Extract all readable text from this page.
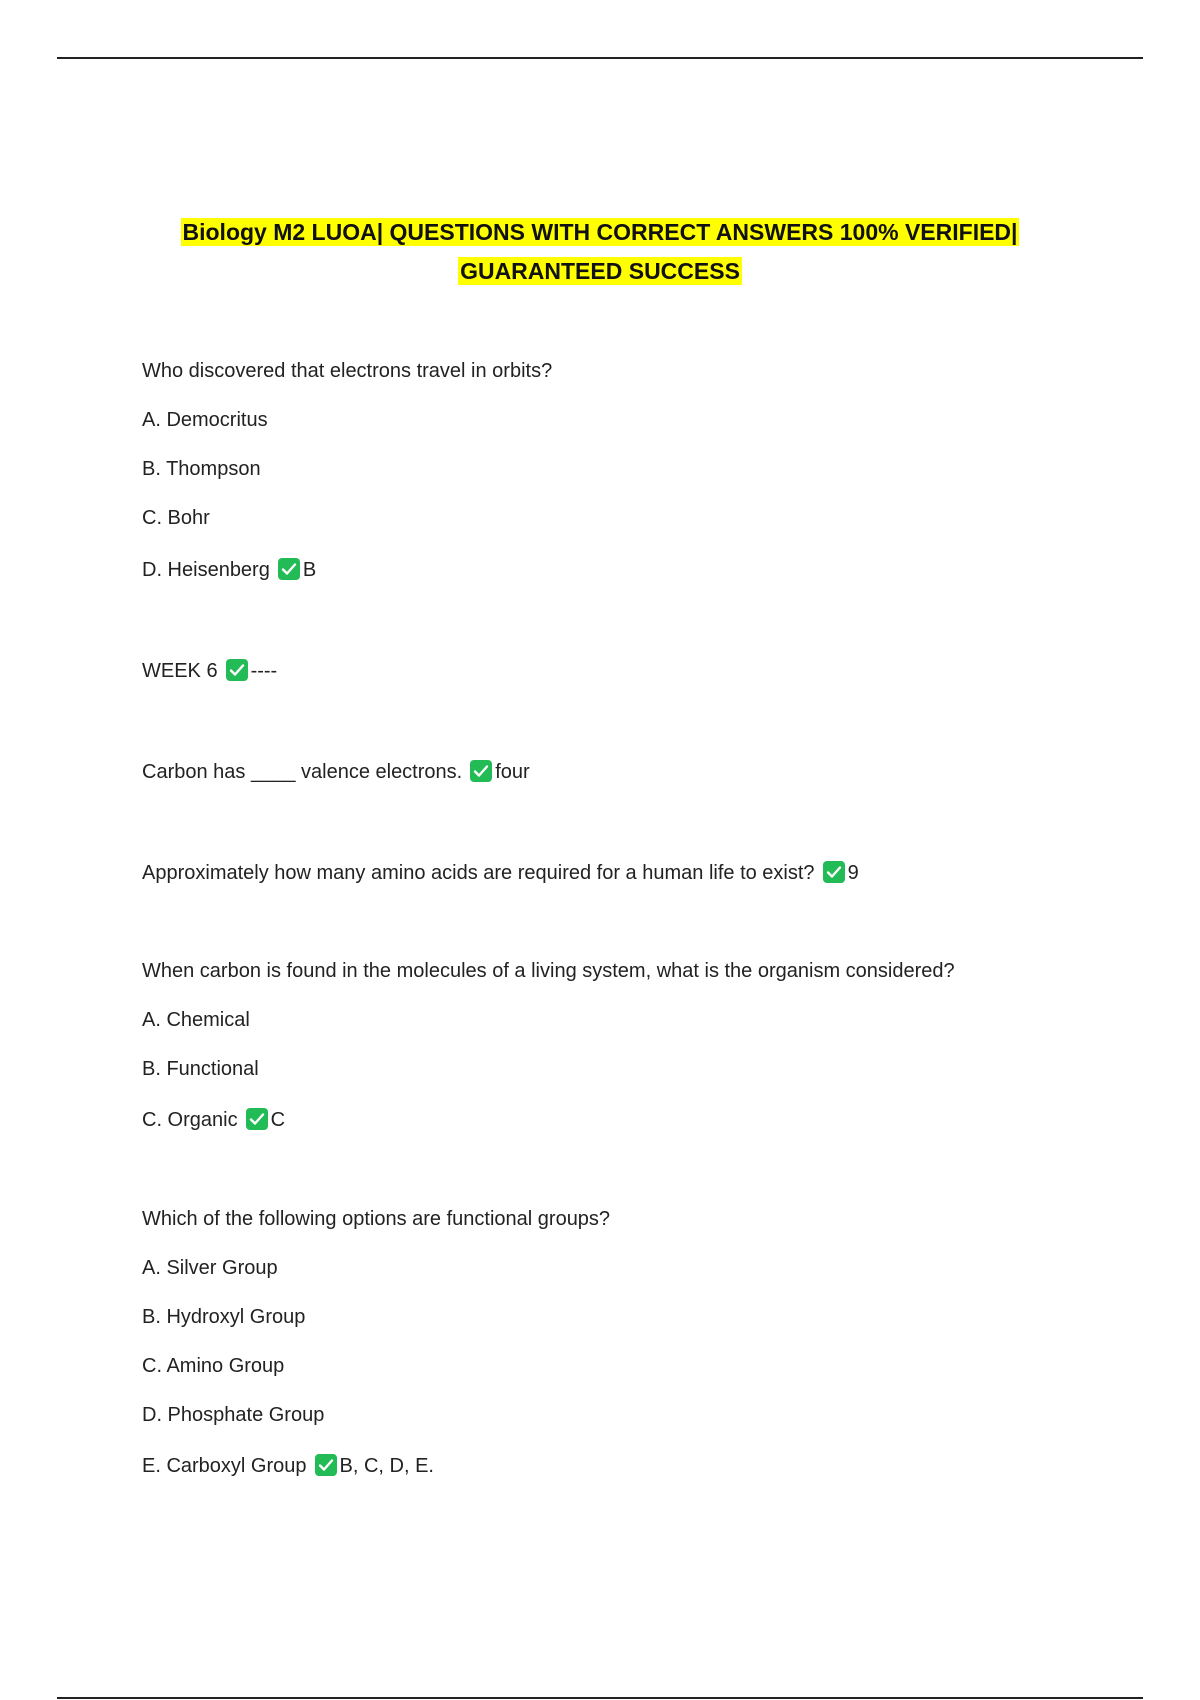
Biology M2 LUOA| QUESTIONS WITH CORRECT ANSWERS 100% VERIFIED|
GUARANTEED SUCCESS
Who discovered that electrons travel in orbits?
A. Democritus
B. Thompson
C. Bohr
D. Heisenberg B
WEEK 6 ----
Carbon has ____ valence electrons. four
Approximately how many amino acids are required for a human life to exist? 9
When carbon is found in the molecules of a living system, what is the organism considered?
A. Chemical
B. Functional
C. Organic C
Which of the following options are functional groups?
A. Silver Group
B. Hydroxyl Group
C. Amino Group
D. Phosphate Group
E. Carboxyl Group B, C, D, E.
